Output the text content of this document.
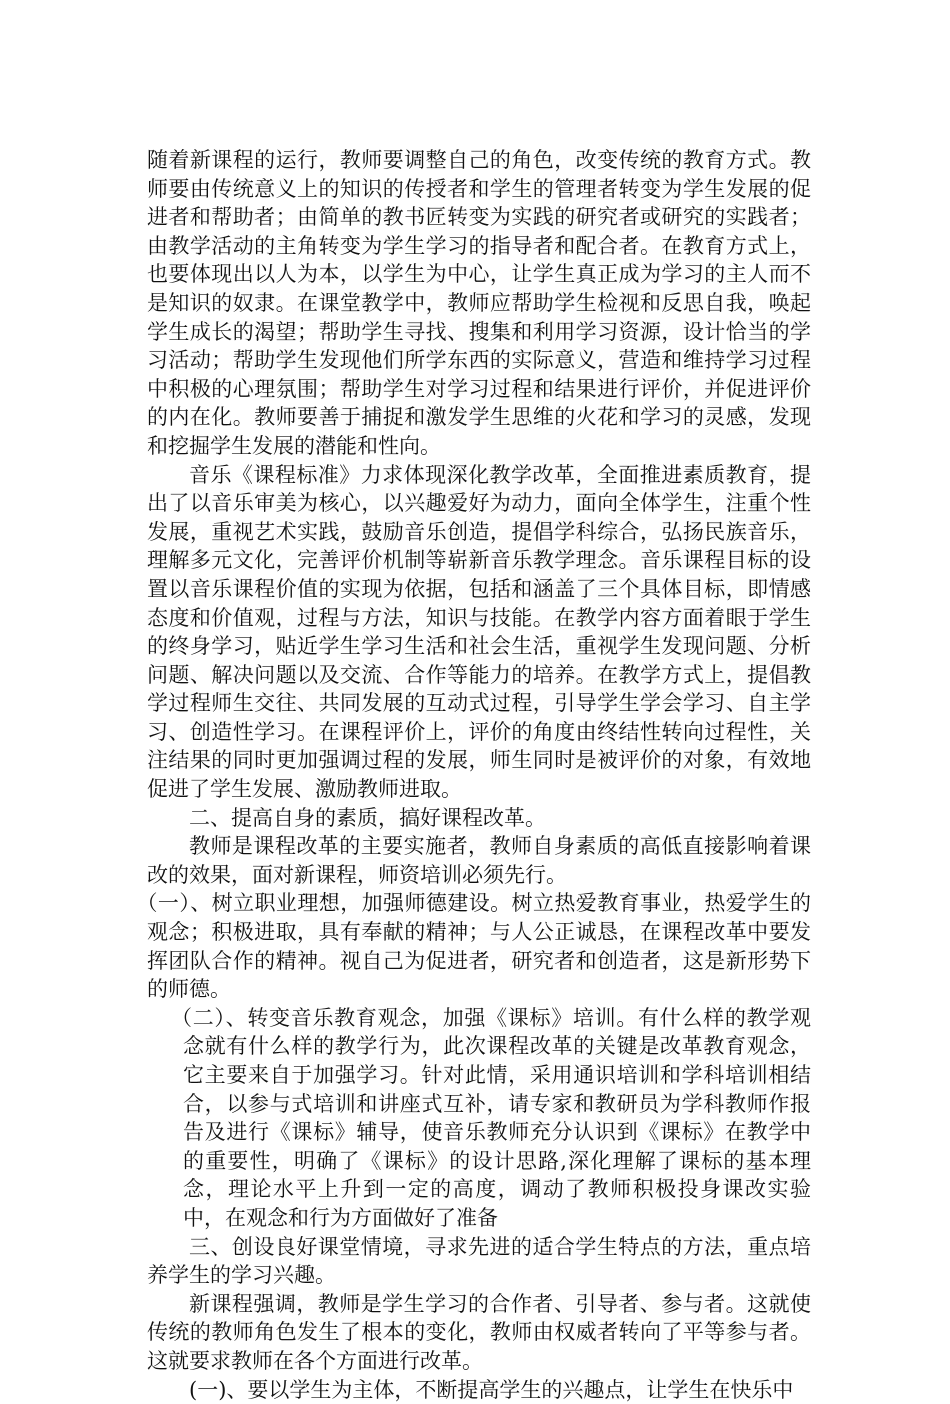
随着新课程的运行，教师要调整自己的角色，改变传统的教育方式。教师要由传统意义上的知识的传授者和学生的管理者转变为学生发展的促进者和帮助者；由简单的教书匠转变为实践的研究者或研究的实践者；由教学活动的主角转变为学生学习的指导者和配合者。在教育方式上，也要体现出以人为本，以学生为中心，让学生真正成为学习的主人而不是知识的奴隶。在课堂教学中，教师应帮助学生检视和反思自我，唤起学生成长的渴望；帮助学生寻找、搜集和利用学习资源，设计恰当的学习活动；帮助学生发现他们所学东西的实际意义，营造和维持学习过程中积极的心理氛围；帮助学生对学习过程和结果进行评价，并促进评价的内在化。教师要善于捕捉和激发学生思维的火花和学习的灵感，发现和挖掘学生发展的潜能和性向。

音乐《课程标准》力求体现深化教学改革，全面推进素质教育，提出了以音乐审美为核心，以兴趣爱好为动力，面向全体学生，注重个性发展，重视艺术实践，鼓励音乐创造，提倡学科综合，弘扬民族音乐，理解多元文化，完善评价机制等崭新音乐教学理念。音乐课程目标的设置以音乐课程价值的实现为依据，包括和涵盖了三个具体目标，即情感态度和价值观，过程与方法，知识与技能。在教学内容方面着眼于学生的终身学习，贴近学生学习生活和社会生活，重视学生发现问题、分析问题、解决问题以及交流、合作等能力的培养。在教学方式上，提倡教学过程师生交往、共同发展的互动式过程，引导学生学会学习、自主学习、创造性学习。在课程评价上，评价的角度由终结性转向过程性，关注结果的同时更加强调过程的发展，师生同时是被评价的对象，有效地促进了学生发展、激励教师进取。

二、提高自身的素质，搞好课程改革。

教师是课程改革的主要实施者，教师自身素质的高低直接影响着课改的效果，面对新课程，师资培训必须先行。

（一）、树立职业理想，加强师德建设。树立热爱教育事业，热爱学生的观念；积极进取，具有奉献的精神；与人公正诚恳，在课程改革中要发挥团队合作的精神。视自己为促进者，研究者和创造者，这是新形势下的师德。

（二）、转变音乐教育观念，加强《课标》培训。有什么样的教学观念就有什么样的教学行为，此次课程改革的关键是改革教育观念，它主要来自于加强学习。针对此情，采用通识培训和学科培训相结合，以参与式培训和讲座式互补，请专家和教研员为学科教师作报告及进行《课标》辅导，使音乐教师充分认识到《课标》在教学中的重要性，明确了《课标》的设计思路,深化理解了课标的基本理念，理论水平上升到一定的高度，调动了教师积极投身课改实验中，在观念和行为方面做好了准备

三、创设良好课堂情境，寻求先进的适合学生特点的方法，重点培养学生的学习兴趣。

新课程强调，教师是学生学习的合作者、引导者、参与者。这就使传统的教师角色发生了根本的变化，教师由权威者转向了平等参与者。这就要求教师在各个方面进行改革。

(一)、要以学生为主体，不断提高学生的兴趣点，让学生在快乐中
